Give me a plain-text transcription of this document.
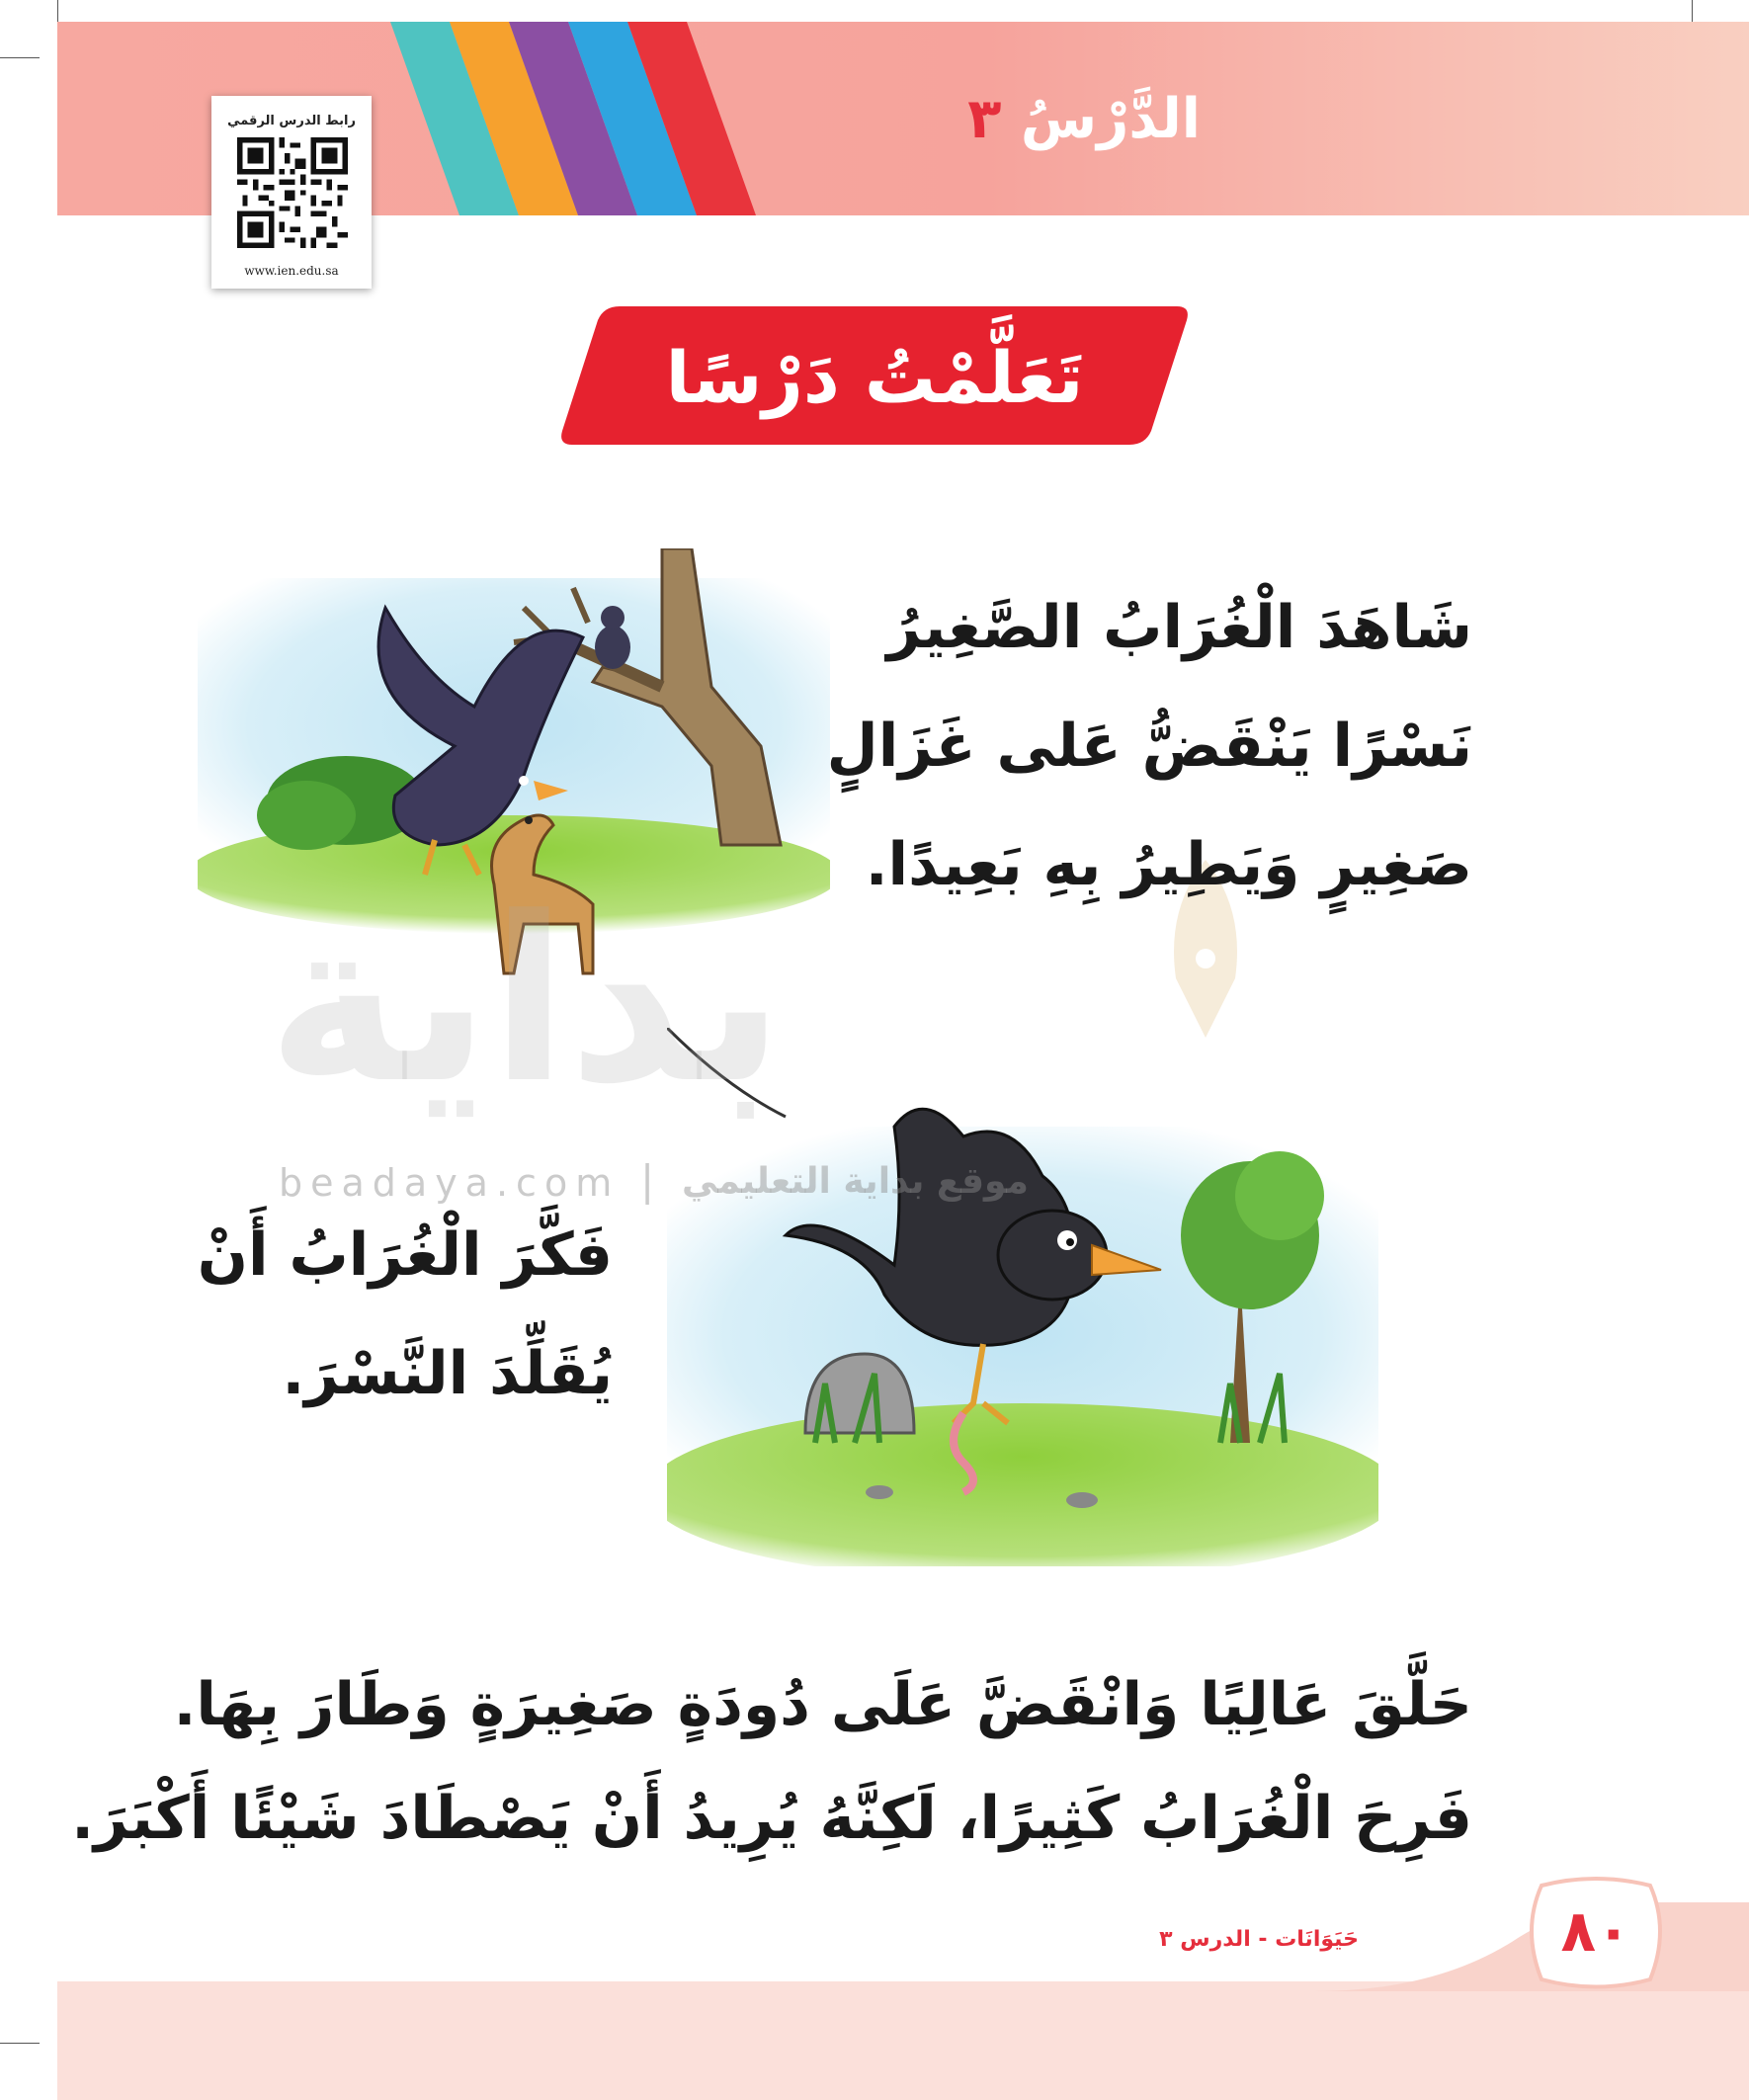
الدَّرْسُ ٣
رابط الدرس الرقمي
www.ien.edu.sa
تَعَلَّمْتُ دَرْسًا
بداية
beadaya.com | موقع بداية التعليمي
شَاهَدَ الْغُرَابُ الصَّغِيرُ
نَسْرًا يَنْقَضُّ عَلى غَزَالٍ
صَغِيرٍ وَيَطِيرُ بِهِ بَعِيدًا.
فَكَّرَ الْغُرَابُ أَنْ
يُقَلِّدَ النَّسْرَ.
حَلَّقَ عَالِيًا وَانْقَضَّ عَلَى دُودَةٍ صَغِيرَةٍ وَطَارَ بِهَا.
فَرِحَ الْغُرَابُ كَثِيرًا، لَكِنَّهُ يُرِيدُ أَنْ يَصْطَادَ شَيْئًا أَكْبَرَ.
٨٠
حَيَوَانَات - الدرس ٣
